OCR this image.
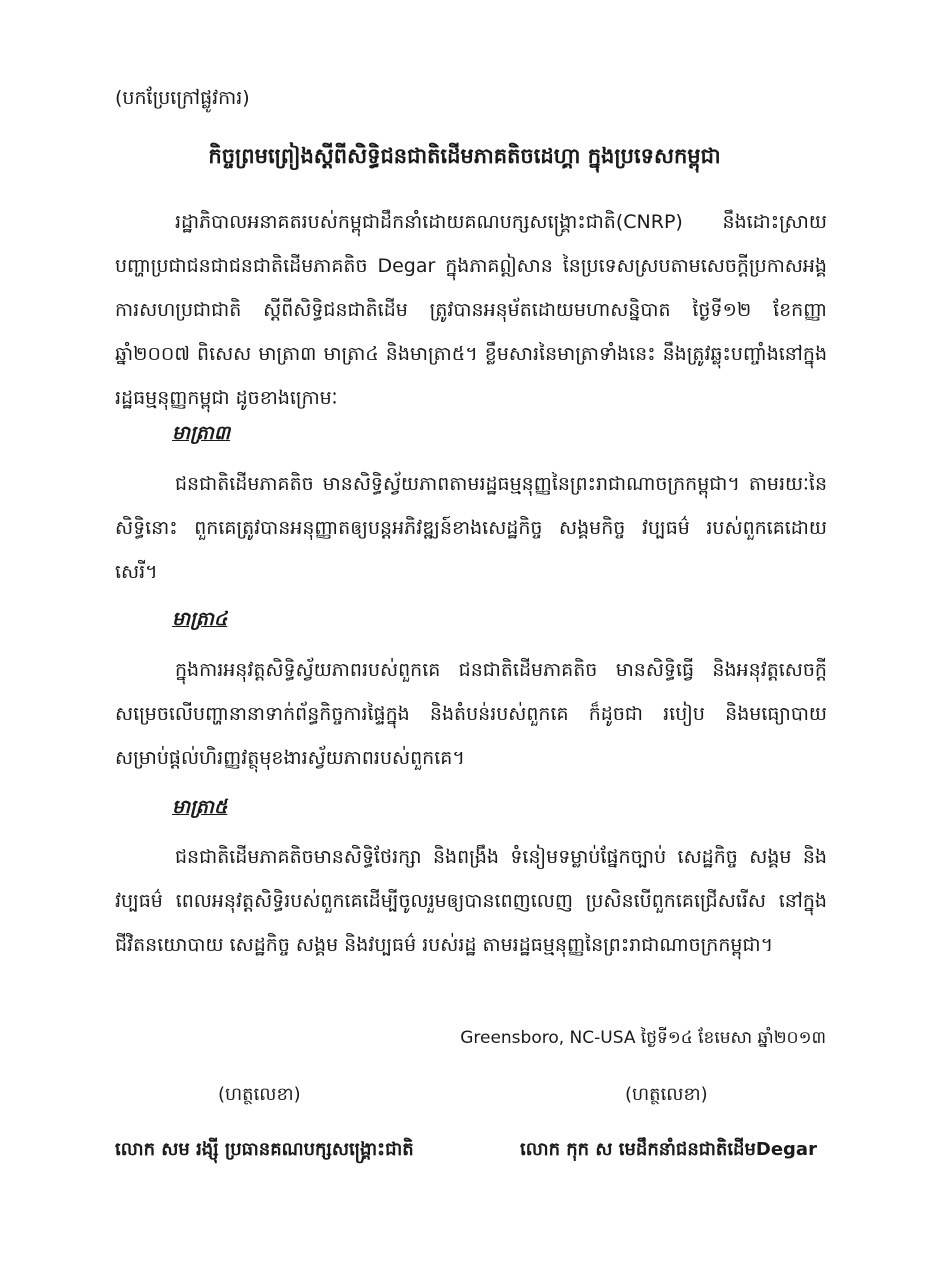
(បកប្រែក្រៅផ្លូវការ)
កិច្ចព្រមព្រៀងស្តីពីសិទ្ធិជនជាតិដើមភាគតិចដេហ្គា ក្នុងប្រទេសកម្ពុជា
រដ្ឋាភិបាលអនាគតរបស់កម្ពុជាដឹកនាំដោយគណបក្សសង្គ្រោះជាតិ(CNRP) នឹងដោះស្រាយបញ្ហាប្រជាជនជាជនជាតិដើមភាគតិច Degar ក្នុងភាគឦសាន នៃប្រទេសស្របតាមសេចក្តីប្រកាសអង្គការសហប្រជាជាតិ ស្តីពីសិទ្ធិជនជាតិដើម ត្រូវបានអនុម័តដោយមហាសន្និបាត ថ្ងៃទី១២ ខែកញ្ញា ឆ្នាំ២០០៧ ពិសេស មាត្រា៣ មាត្រា៤ និងមាត្រា៥។ ខ្លឹមសារនៃមាត្រាទាំងនេះ នឹងត្រូវឆ្លុះបញ្ចាំងនៅក្នុងរដ្ឋធម្មនុញ្ញកម្ពុជា ដូចខាងក្រោមៈ
មាត្រា៣
ជនជាតិដើមភាគតិច មានសិទ្ធិស្វ័យភាពតាមរដ្ឋធម្មនុញ្ញនៃព្រះរាជាណាចក្រកម្ពុជា។ តាមរយៈនៃសិទ្ធិនោះ ពួកគេត្រូវបានអនុញ្ញាតឲ្យបន្តអភិវឌ្ឍន៍ខាងសេដ្ឋកិច្ច សង្គមកិច្ច វប្បធម៌ របស់ពួកគេដោយសេរី។
មាត្រា៤
ក្នុងការអនុវត្តសិទ្ធិស្វ័យភាពរបស់ពួកគេ ជនជាតិដើមភាគតិច មានសិទ្ធិធ្វើ និងអនុវត្តសេចក្តីសម្រេចលើបញ្ហានានាទាក់ព័ន្ធកិច្ចការផ្ទៃក្នុង និងតំបន់របស់ពួកគេ ក៏ដូចជា របៀប និងមធ្យោបាយ សម្រាប់ផ្តល់ហិរញ្ញវត្ថុមុខងារស្វ័យភាពរបស់ពួកគេ។
មាត្រា៥
ជនជាតិដើមភាគតិចមានសិទ្ធិថែរក្សា និងពង្រឹង ទំនៀមទម្លាប់ផ្នែកច្បាប់ សេដ្ឋកិច្ច សង្គម និងវប្បធម៌ ពេលអនុវត្តសិទ្ធិរបស់ពួកគេដើម្បីចូលរួមឲ្យបានពេញលេញ ប្រសិនបើពួកគេជ្រើសរើស នៅក្នុងជីវិតនយោបាយ សេដ្ឋកិច្ច សង្គម និងវប្បធម៌ របស់រដ្ឋ តាមរដ្ឋធម្មនុញ្ញនៃព្រះរាជាណាចក្រកម្ពុជា។
Greensboro, NC-USA ថ្ងៃទី១៤ ខែមេសា ឆ្នាំ២០១៣
(ហត្ថលេខា)	(ហត្ថលេខា)
លោក សម រង្ស៊ី ប្រធានគណបក្សសង្គ្រោះជាតិ	លោក កុក ស មេដឹកនាំជនជាតិដើមDegar
